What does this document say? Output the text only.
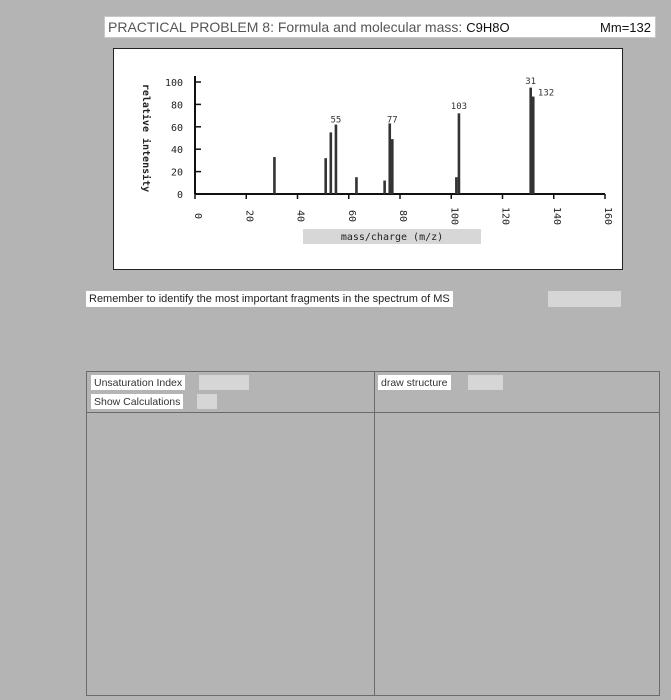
PRACTICAL PROBLEM 8: Formula and molecular mass: C9H8O	Mm=132
0
20
40
60
80
100
0	20	40	60	80	100	120	140	160
relative intensity
mass/charge (m/z)
55	77
103
31
132
Remember to identify the most important fragments in the spectrum of MS
Unsaturation Index
Show Calculations
draw structure
